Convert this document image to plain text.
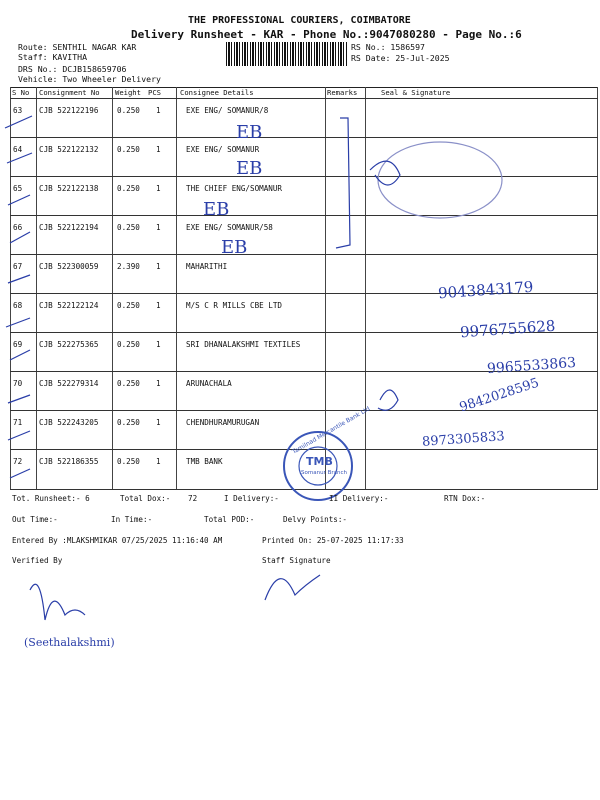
THE PROFESSIONAL COURIERS, COIMBATORE
Delivery Runsheet - KAR - Phone No.:9047080280 - Page No.:6
Route: SENTHIL NAGAR KAR
Staff: KAVITHA
DRS No.: DCJB158659706
Vehicle: Two Wheeler Delivery
RS No.: 1586597
RS Date: 25-Jul-2025
S No Consignment No Weight PCS	Consignee Details	Remarks	Seal & Signature
63 CJB 522122196 0.250 1	EXE ENG/ SOMANUR/8
64 CJB 522122132 0.250 1	EXE ENG/ SOMANUR
65 CJB 522122138 0.250 1	THE CHIEF ENG/SOMANUR
66 CJB 522122194 0.250 1	EXE ENG/ SOMANUR/58
67 CJB 522300059 2.390 1	MAHARITHI
68 CJB 522122124 0.250 1	M/S C R MILLS CBE LTD
69 CJB 522275365 0.250 1	SRI DHANALAKSHMI TEXTILES
70 CJB 522279314 0.250 1	ARUNACHALA
71 CJB 522243205 0.250 1	CHENDHURAMURUGAN
72 CJB 522186355 0.250 1	TMB BANK
EB
EB
EB
EB
9043843179
9976755628
9965533863
9842028595
8973305833
(Seethalakshmi)
Tamilnad Mercantile Bank Ltd
TMB
Somanur Branch
Tot. Runsheet:- 6	Total Dox:- 72	I Delivery:-	II Delivery:-	RTN Dox:-
Out Time:-	In Time:-	Total POD:-	Delvy Points:-
Entered By :MLAKSHMIKAR 07/25/2025 11:16:40 AM	Printed On: 25-07-2025 11:17:33
Verified By	Staff Signature
